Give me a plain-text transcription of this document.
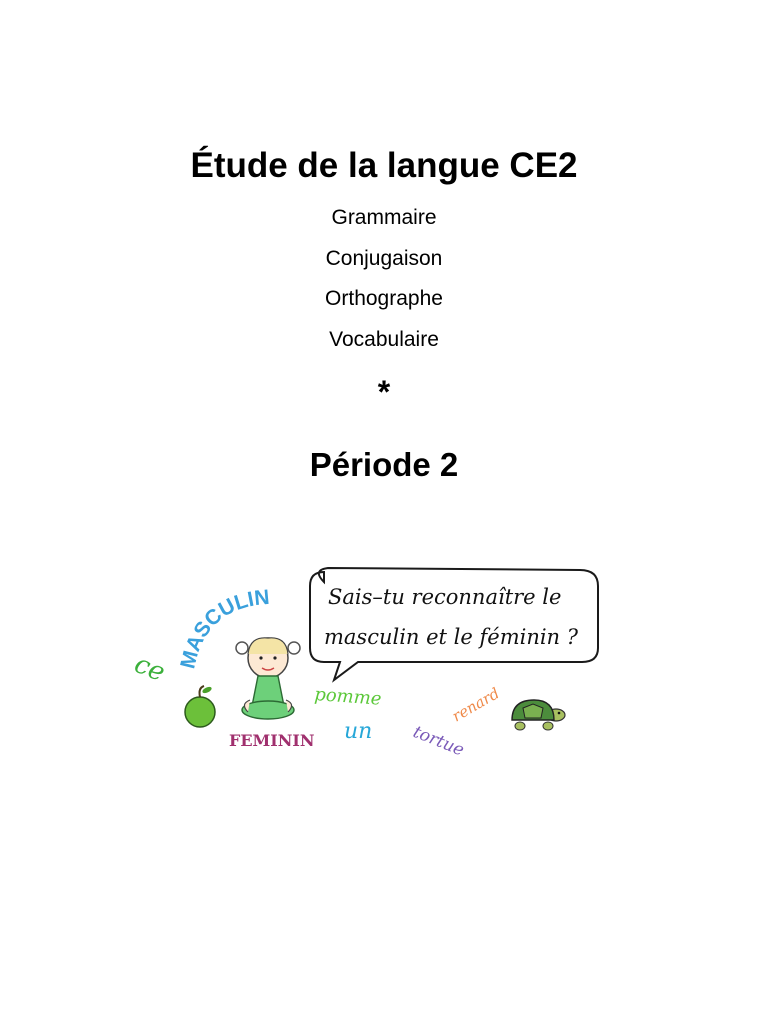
Étude de la langue CE2
Grammaire
Conjugaison
Orthographe
Vocabulaire
*
Période 2
Sais–tu reconnaître le
masculin et le féminin ?
MASCULIN
ce
FEMININ
pomme
un tortue
renard
